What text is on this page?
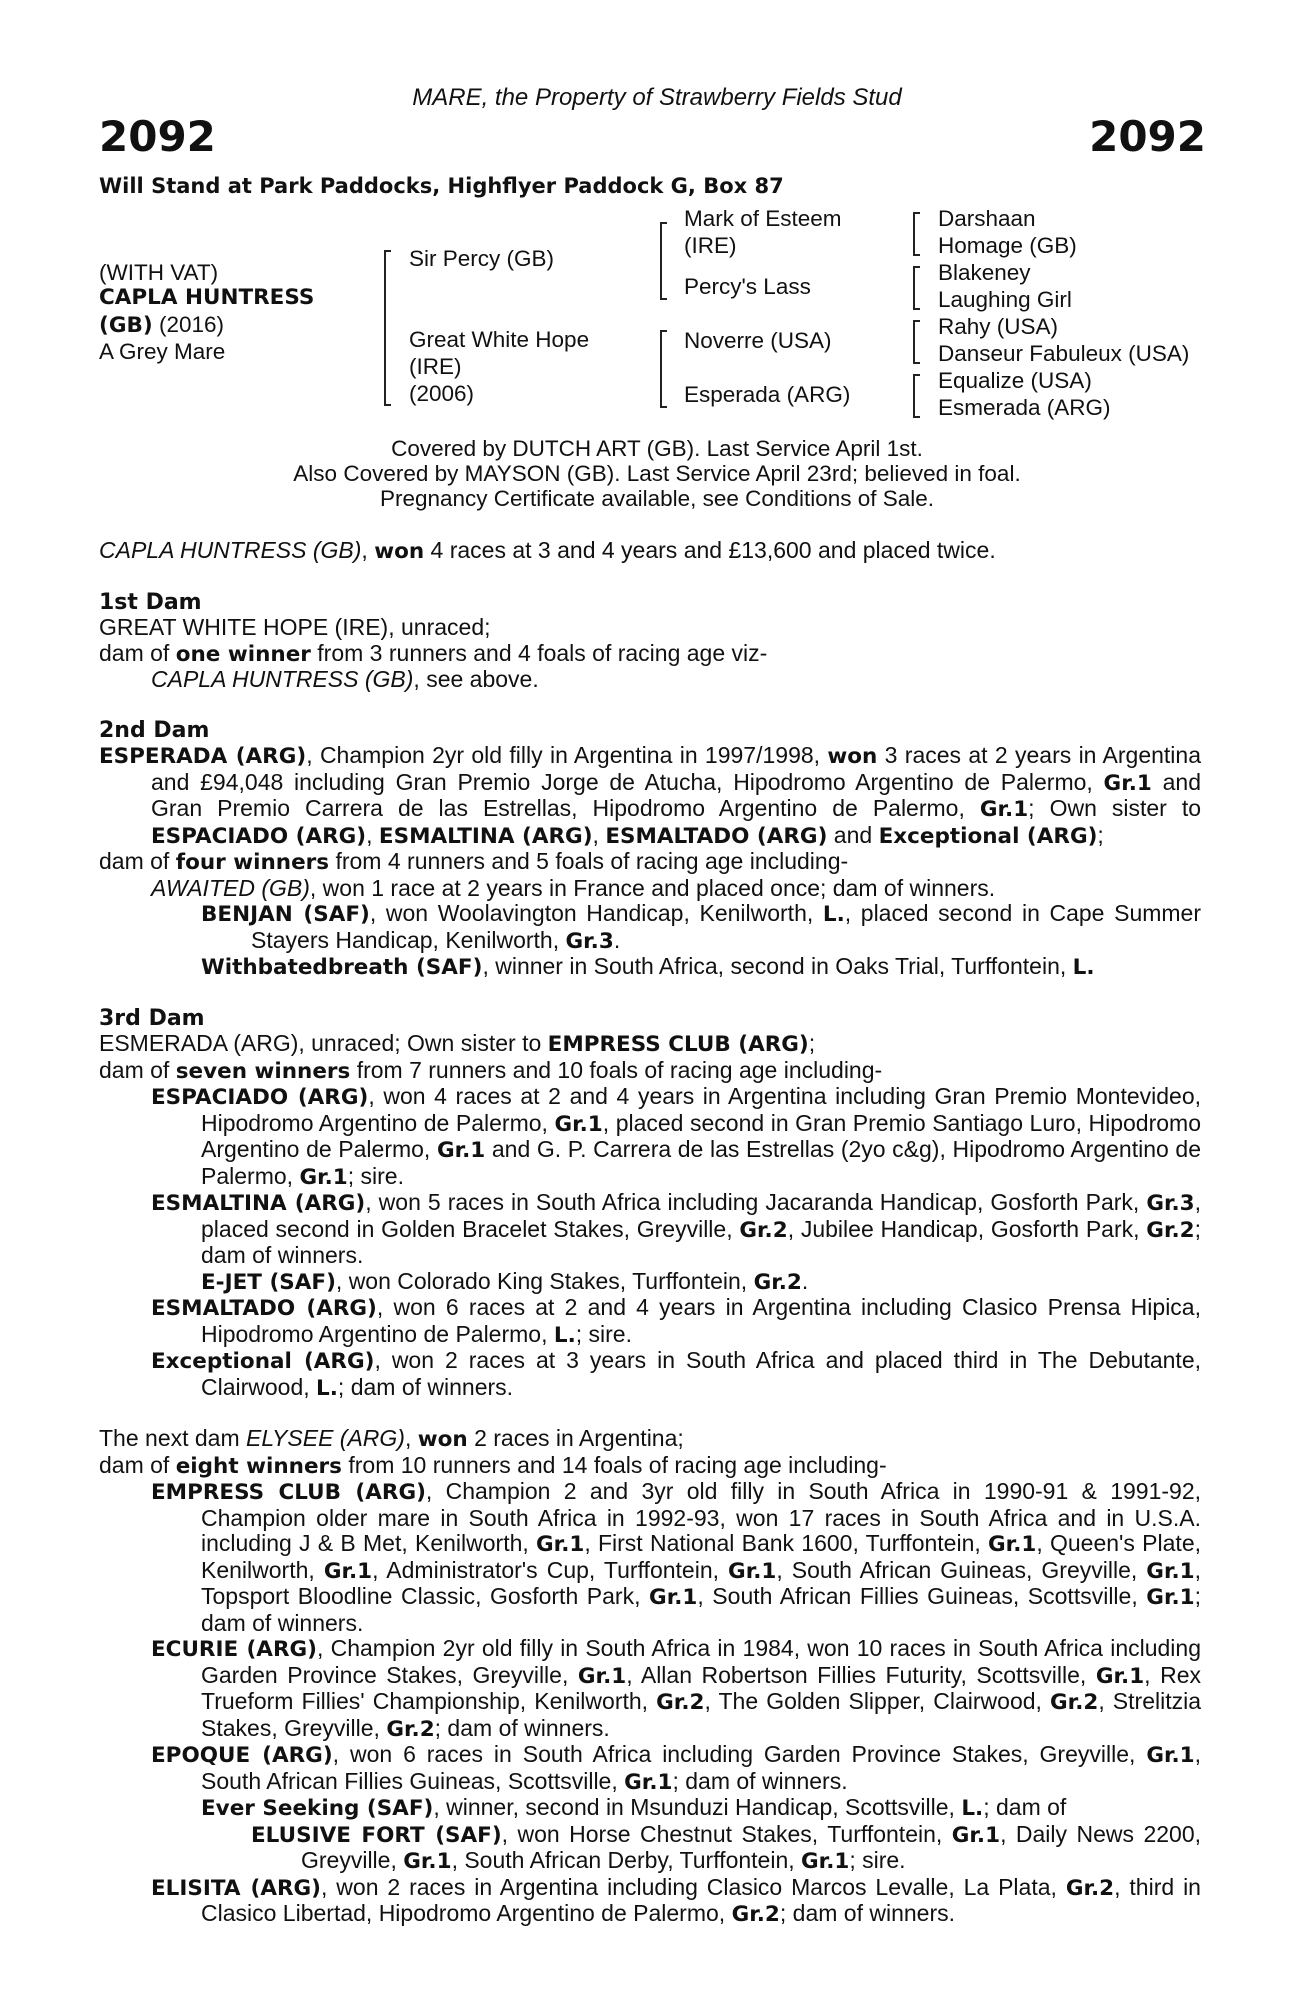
MARE, the Property of Strawberry Fields Stud
2092	2092
Will Stand at Park Paddocks, Highflyer Paddock G, Box 87
(WITH VAT)
CAPLA HUNTRESS
(GB) (2016)
A Grey Mare
Sir Percy (GB)
Great White Hope
(IRE)
(2006)
Mark of Esteem
(IRE)
Percy's Lass
Noverre (USA)
Esperada (ARG)
Darshaan
Homage (GB)
Blakeney
Laughing Girl
Rahy (USA)
Danseur Fabuleux (USA)
Equalize (USA)
Esmerada (ARG)
Covered by DUTCH ART (GB). Last Service April 1st.
Also Covered by MAYSON (GB). Last Service April 23rd; believed in foal.
Pregnancy Certificate available, see Conditions of Sale.

CAPLA HUNTRESS (GB), won 4 races at 3 and 4 years and £13,600 and placed twice.

1st Dam

GREAT WHITE HOPE (IRE), unraced;

dam of one winner from 3 runners and 4 foals of racing age viz-

CAPLA HUNTRESS (GB), see above.

2nd Dam

ESPERADA (ARG), Champion 2yr old filly in Argentina in 1997/1998, won 3 races at 2 years in Argentina and £94,048 including Gran Premio Jorge de Atucha, Hipodromo Argentino de Palermo, Gr.1 and Gran Premio Carrera de las Estrellas, Hipodromo Argentino de Palermo, Gr.1; Own sister to ESPACIADO (ARG), ESMALTINA (ARG), ESMALTADO (ARG) and Exceptional (ARG);

dam of four winners from 4 runners and 5 foals of racing age including-

AWAITED (GB), won 1 race at 2 years in France and placed once; dam of winners.

BENJAN (SAF), won Woolavington Handicap, Kenilworth, L., placed second in Cape Summer Stayers Handicap, Kenilworth, Gr.3.

Withbatedbreath (SAF), winner in South Africa, second in Oaks Trial, Turffontein, L.

3rd Dam

ESMERADA (ARG), unraced; Own sister to EMPRESS CLUB (ARG);

dam of seven winners from 7 runners and 10 foals of racing age including-

ESPACIADO (ARG), won 4 races at 2 and 4 years in Argentina including Gran Premio Montevideo, Hipodromo Argentino de Palermo, Gr.1, placed second in Gran Premio Santiago Luro, Hipodromo Argentino de Palermo, Gr.1 and G. P. Carrera de las Estrellas (2yo c&g), Hipodromo Argentino de Palermo, Gr.1; sire.

ESMALTINA (ARG), won 5 races in South Africa including Jacaranda Handicap, Gosforth Park, Gr.3, placed second in Golden Bracelet Stakes, Greyville, Gr.2, Jubilee Handicap, Gosforth Park, Gr.2; dam of winners.

E-JET (SAF), won Colorado King Stakes, Turffontein, Gr.2.

ESMALTADO (ARG), won 6 races at 2 and 4 years in Argentina including Clasico Prensa Hipica, Hipodromo Argentino de Palermo, L.; sire.

Exceptional (ARG), won 2 races at 3 years in South Africa and placed third in The Debutante, Clairwood, L.; dam of winners.

The next dam ELYSEE (ARG), won 2 races in Argentina;

dam of eight winners from 10 runners and 14 foals of racing age including-

EMPRESS CLUB (ARG), Champion 2 and 3yr old filly in South Africa in 1990-91 & 1991-92, Champion older mare in South Africa in 1992-93, won 17 races in South Africa and in U.S.A. including J & B Met, Kenilworth, Gr.1, First National Bank 1600, Turffontein, Gr.1, Queen's Plate, Kenilworth, Gr.1, Administrator's Cup, Turffontein, Gr.1, South African Guineas, Greyville, Gr.1, Topsport Bloodline Classic, Gosforth Park, Gr.1, South African Fillies Guineas, Scottsville, Gr.1; dam of winners.

ECURIE (ARG), Champion 2yr old filly in South Africa in 1984, won 10 races in South Africa including Garden Province Stakes, Greyville, Gr.1, Allan Robertson Fillies Futurity, Scottsville, Gr.1, Rex Trueform Fillies' Championship, Kenilworth, Gr.2, The Golden Slipper, Clairwood, Gr.2, Strelitzia Stakes, Greyville, Gr.2; dam of winners.

EPOQUE (ARG), won 6 races in South Africa including Garden Province Stakes, Greyville, Gr.1, South African Fillies Guineas, Scottsville, Gr.1; dam of winners.

Ever Seeking (SAF), winner, second in Msunduzi Handicap, Scottsville, L.; dam of

ELUSIVE FORT (SAF), won Horse Chestnut Stakes, Turffontein, Gr.1, Daily News 2200, Greyville, Gr.1, South African Derby, Turffontein, Gr.1; sire.

ELISITA (ARG), won 2 races in Argentina including Clasico Marcos Levalle, La Plata, Gr.2, third in Clasico Libertad, Hipodromo Argentino de Palermo, Gr.2; dam of winners.
